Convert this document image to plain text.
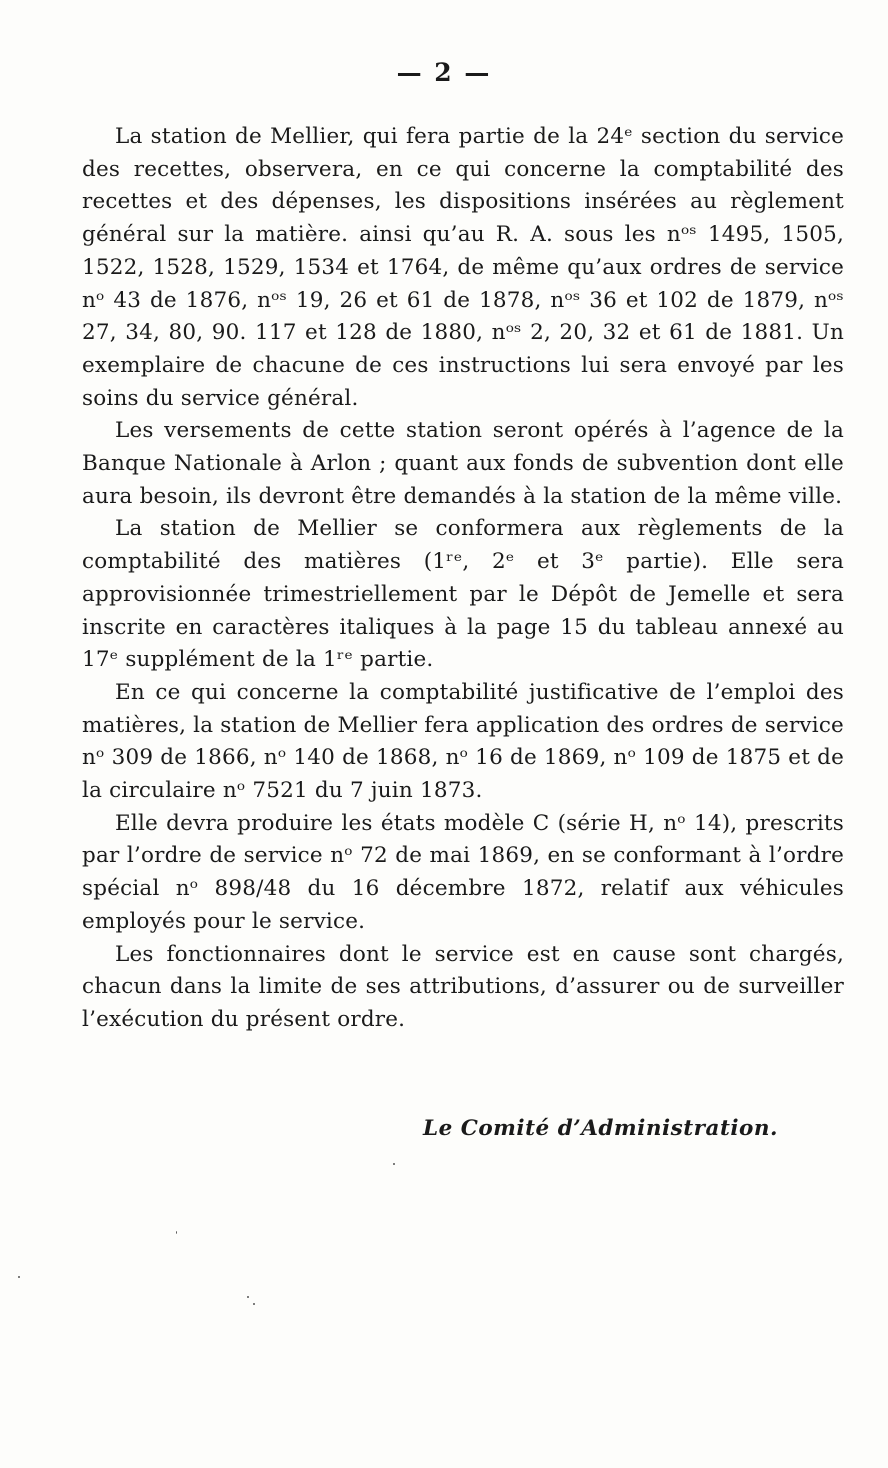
— 2 —

La station de Mellier, qui fera partie de la 24ᵉ section du service des recettes, observera, en ce qui concerne la comptabilité des recettes et des dépenses, les dispositions insérées au règlement général sur la matière. ainsi qu’au R. A. sous les nᵒˢ 1495, 1505, 1522, 1528, 1529, 1534 et 1764, de même qu’aux ordres de service nᵒ 43 de 1876, nᵒˢ 19, 26 et 61 de 1878, nᵒˢ 36 et 102 de 1879, nᵒˢ 27, 34, 80, 90. 117 et 128 de 1880, nᵒˢ 2, 20, 32 et 61 de 1881. Un exemplaire de chacune de ces instructions lui sera envoyé par les soins du service général.

Les versements de cette station seront opérés à l’agence de la Banque Nationale à Arlon ; quant aux fonds de subvention dont elle aura besoin, ils devront être demandés à la station de la même ville.

La station de Mellier se conformera aux règlements de la comptabilité des matières (1ʳᵉ, 2ᵉ et 3ᵉ partie). Elle sera approvisionnée trimestriellement par le Dépôt de Jemelle et sera inscrite en caractères italiques à la page 15 du tableau annexé au 17ᵉ supplément de la 1ʳᵉ partie.

En ce qui concerne la comptabilité justificative de l’emploi des matières, la station de Mellier fera application des ordres de service nᵒ 309 de 1866, nᵒ 140 de 1868, nᵒ 16 de 1869, nᵒ 109 de 1875 et de la circulaire nᵒ 7521 du 7 juin 1873.

Elle devra produire les états modèle C (série H, nᵒ 14), prescrits par l’ordre de service nᵒ 72 de mai 1869, en se conformant à l’ordre spécial nᵒ 898/48 du 16 décembre 1872, relatif aux véhicules employés pour le service.

Les fonctionnaires dont le service est en cause sont chargés, chacun dans la limite de ses attributions, d’assurer ou de surveiller l’exécution du présent ordre.

Le Comité d’Administration.
